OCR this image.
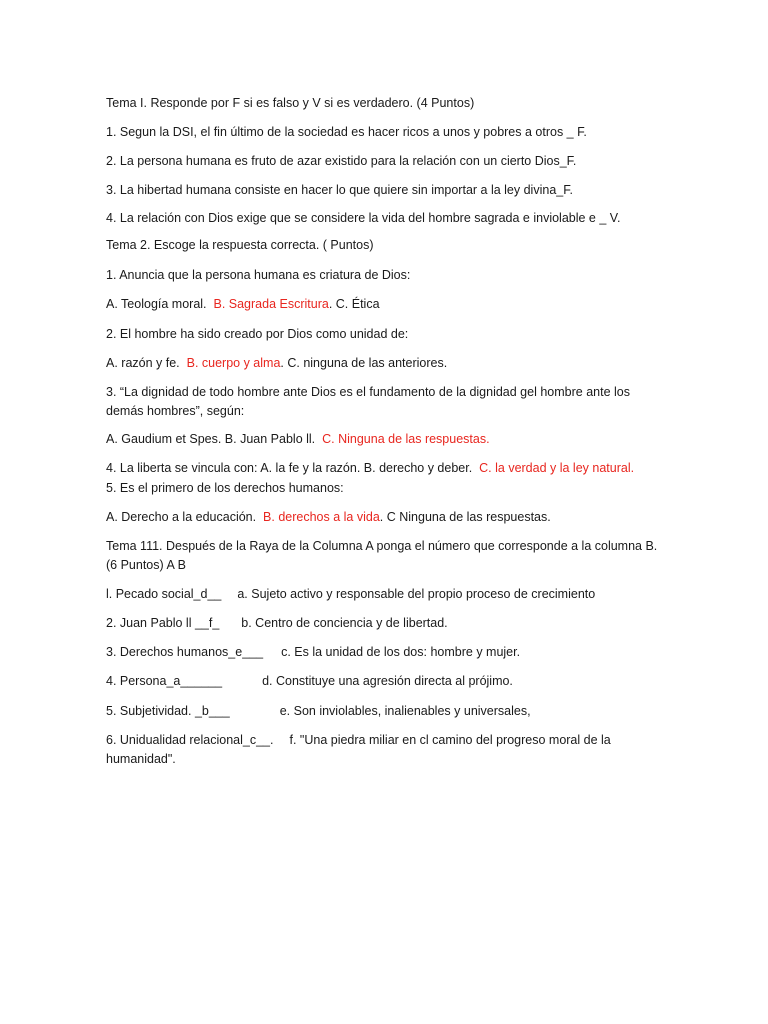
Tema I. Responde por F si es falso y V si es verdadero. (4 Puntos)
1. Segun la DSI, el fin último de la sociedad es hacer ricos a unos y pobres a otros _ F.
2. La persona humana es fruto de azar existido para la relación con un cierto Dios_F.
3. La hibertad humana consiste en hacer lo que quiere sin importar a la ley divina_F.
4. La relación con Dios exige que se considere la vida del hombre sagrada e inviolable e _ V.
Tema 2. Escoge la respuesta correcta. ( Puntos)
1. Anuncia que la persona humana es criatura de Dios:
A. Teología moral. B. Sagrada Escritura. C. Ética
2. El hombre ha sido creado por Dios como unidad de:
A. razón y fe. B. cuerpo y alma. C. ninguna de las anteriores.
3. “La dignidad de todo hombre ante Dios es el fundamento de la dignidad gel hombre ante los
demás hombres”, según:
A. Gaudium et Spes. B. Juan Pablo ll. C. Ninguna de las respuestas.
4. La liberta se vincula con: A. la fe y la razón. B. derecho y deber. C. la verdad y la ley natural.
5. Es el primero de los derechos humanos:
A. Derecho a la educación. B. derechos a la vida. C Ninguna de las respuestas.
Tema 111. Después de la Raya de la Columna A ponga el número que corresponde a la columna B.
(6 Puntos) A B
l. Pecado social_d__ a. Sujeto activo y responsable del propio proceso de crecimiento
2. Juan Pablo ll __f_ b. Centro de conciencia y de libertad.
3. Derechos humanos_e___ c. Es la unidad de los dos: hombre y mujer.
4. Persona_a______	d. Constituye una agresión directa al prójimo.
5. Subjetividad. _b___	e. Son inviolables, inalienables y universales,
6. Unidualidad relacional_c__. f. "Una piedra miliar en cl camino del progreso moral de la
humanidad".
